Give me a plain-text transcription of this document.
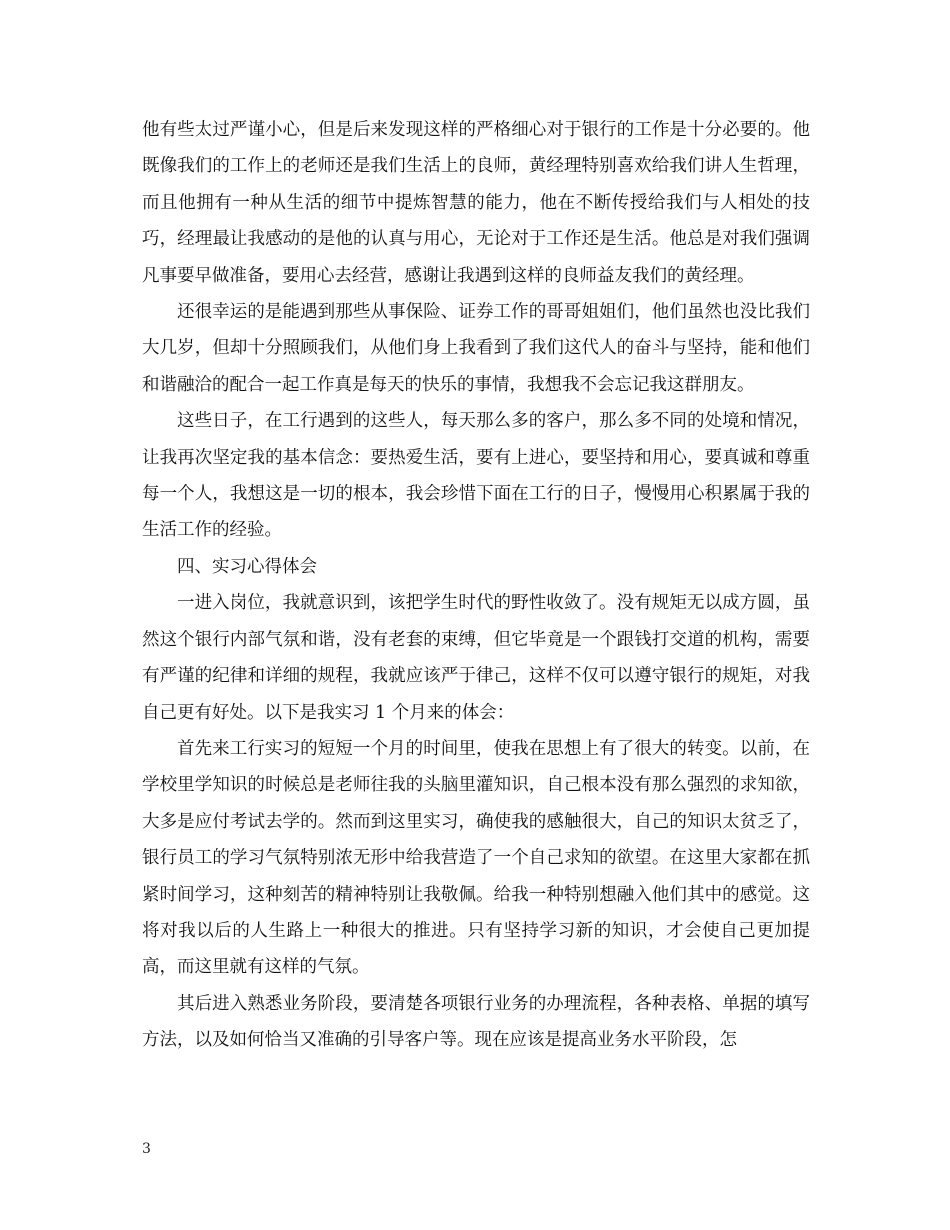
他有些太过严谨小心，但是后来发现这样的严格细心对于银行的工作是十分必要的。他既像我们的工作上的老师还是我们生活上的良师，黄经理特别喜欢给我们讲人生哲理，而且他拥有一种从生活的细节中提炼智慧的能力，他在不断传授给我们与人相处的技巧，经理最让我感动的是他的认真与用心，无论对于工作还是生活。他总是对我们强调凡事要早做准备，要用心去经营，感谢让我遇到这样的良师益友我们的黄经理。

还很幸运的是能遇到那些从事保险、证券工作的哥哥姐姐们，他们虽然也没比我们大几岁，但却十分照顾我们，从他们身上我看到了我们这代人的奋斗与坚持，能和他们和谐融洽的配合一起工作真是每天的快乐的事情，我想我不会忘记我这群朋友。

这些日子，在工行遇到的这些人，每天那么多的客户，那么多不同的处境和情况，让我再次坚定我的基本信念：要热爱生活，要有上进心，要坚持和用心，要真诚和尊重每一个人，我想这是一切的根本，我会珍惜下面在工行的日子，慢慢用心积累属于我的生活工作的经验。

四、实习心得体会

一进入岗位，我就意识到，该把学生时代的野性收敛了。没有规矩无以成方圆，虽然这个银行内部气氛和谐，没有老套的束缚，但它毕竟是一个跟钱打交道的机构，需要有严谨的纪律和详细的规程，我就应该严于律己，这样不仅可以遵守银行的规矩，对我自己更有好处。以下是我实习 1 个月来的体会：

首先来工行实习的短短一个月的时间里，使我在思想上有了很大的转变。以前，在学校里学知识的时候总是老师往我的头脑里灌知识，自己根本没有那么强烈的求知欲，大多是应付考试去学的。然而到这里实习，确使我的感触很大，自己的知识太贫乏了，银行员工的学习气氛特别浓无形中给我营造了一个自己求知的欲望。在这里大家都在抓紧时间学习，这种刻苦的精神特别让我敬佩。给我一种特别想融入他们其中的感觉。这将对我以后的人生路上一种很大的推进。只有坚持学习新的知识，才会使自己更加提高，而这里就有这样的气氛。

其后进入熟悉业务阶段，要清楚各项银行业务的办理流程，各种表格、单据的填写方法，以及如何恰当又准确的引导客户等。现在应该是提高业务水平阶段，怎

3
